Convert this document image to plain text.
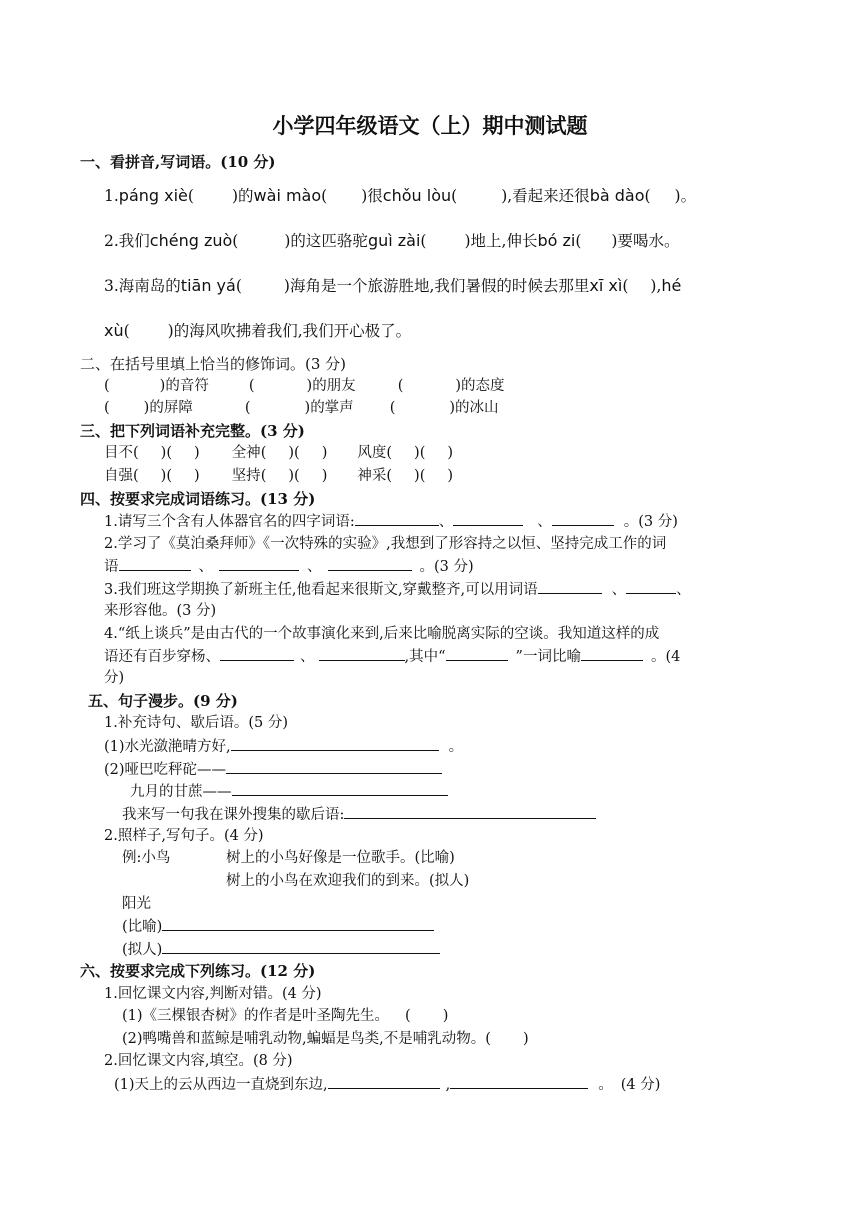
小学四年级语文（上）期中测试题
一、看拼音,写词语。(10 分)
1.páng xiè( )的wài mào( )很chǒu lòu(	),看起来还很bà dào( )。
2.我们chéng zuò(	)的这匹骆驼guì zài( )地上,伸长bó zi( )要喝水。
3.海南岛的tiān yá(	)海角是一个旅游胜地,我们暑假的时候去那里xī xì( ),hé
xù( )的海风吹拂着我们,我们开心极了。
二、在括号里填上恰当的修饰词。(3 分)
(	)的音符	(	)的朋友	(	)的态度
( )的屏障	(	)的掌声 (	)的冰山
三、把下列词语补充完整。(3 分)
目不( )( ) 全神( )( ) 风度( )( )
自强( )( ) 坚持( )( ) 神采( )( )
四、按要求完成词语练习。(13 分)
1.请写三个含有人体器官名的四字词语:	、	、	。(3 分)
2.学习了《莫泊桑拜师》《一次特殊的实验》,我想到了形容持之以恒、坚持完成工作的词
语	、	、	。(3 分)
3.我们班这学期换了新班主任,他看起来很斯文,穿戴整齐,可以用词语	、	、
来形容他。(3 分)
4.“纸上谈兵”是由古代的一个故事演化来到,后来比喻脱离实际的空谈。我知道这样的成
语还有百步穿杨、	、	,其中“	”一词比喻	。(4
分)
五、句子漫步。(9 分)
1.补充诗句、歇后语。(5 分)
(1)水光潋滟晴方好,	。
(2)哑巴吃秤砣——
九月的甘蔗——
我来写一句我在课外搜集的歇后语:
2.照样子,写句子。(4 分)
例:小鸟	树上的小鸟好像是一位歌手。(比喻)
树上的小鸟在欢迎我们的到来。(拟人)
阳光
(比喻)
(拟人)
六、按要求完成下列练习。(12 分)
1.回忆课文内容,判断对错。(4 分)
(1)《三棵银杏树》的作者是叶圣陶先生。 ( )
(2)鸭嘴兽和蓝鲸是哺乳动物,蝙蝠是鸟类,不是哺乳动物。( )
2.回忆课文内容,填空。(8 分)
(1)天上的云从西边一直烧到东边,	,	。 (4 分)
